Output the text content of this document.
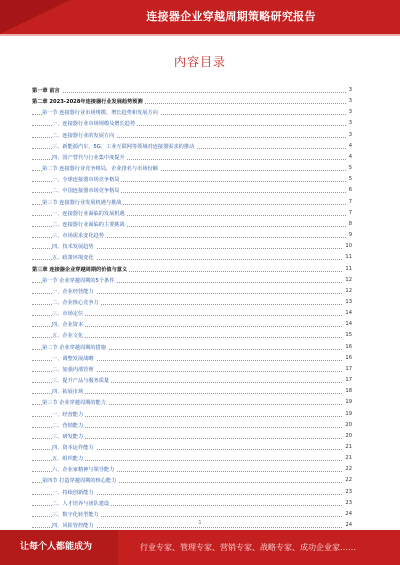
连接器企业穿越周期策略研究报告
内容目录
第一章 前言	3
第二章 2023-2028年连接器行业发展趋势预测	3
第一节 连接器行业市场规模、增长趋势和发展方向	3
一、连接器行业市场规模及增长趋势	3
二、连接器行业的发展方向	3
三、新能源汽车、5G、工业互联网等领域对连接器需求的推动	4
四、国产替代与行业集中度提升	4
第二节 连接器行业竞争格局，企业排名与市场份额	5
一、全球连接器市场竞争格局	5
二、中国连接器市场竞争格局	6
第三节 连接器行业发展机遇与挑战	7
一、连接器行业面临的发展机遇	7
二、连接器行业面临的主要挑战	8
三、市场需求变化趋势	9
四、技术发展趋势	10
五、政策环境变化	11
第三章 连接器企业穿越周期的价值与意义	11
第一节 企业穿越周期的5个条件	12
一、企业经营能力	12
二、企业核心竞争力	13
三、市场定位	14
四、企业资本	14
五、企业文化	15
第二节 企业穿越周期的措施	16
一、调整发展战略	16
二、加强内部管理	17
三、提升产品与服务质量	17
四、拓展市场	18
第三节 企业穿越周期的能力	19
一、经营能力	19
二、营销能力	20
三、研发能力	20
四、资本运作能力	21
五、组织能力	21
六、企业家精神与领导能力	22
第四节 打造穿越周期的核心能力	22
一、持续创新能力	23
二、人才培养与团队建设	23
三、数字化转型能力	24
四、风险管控能力	24
1
让每个人都能成为	行业专家、管理专家、营销专家、战略专家、成功企业家……
